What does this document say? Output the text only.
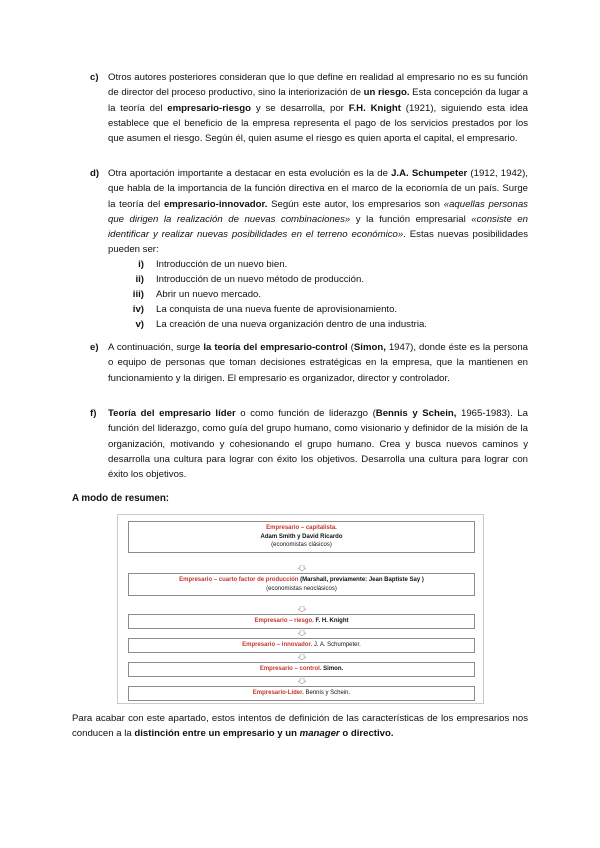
c) Otros autores posteriores consideran que lo que define en realidad al empresario no es su función de director del proceso productivo, sino la interiorización de un riesgo. Esta concepción da lugar a la teoría del empresario-riesgo y se desarrolla, por F.H. Knight (1921), siguiendo esta idea establece que el beneficio de la empresa representa el pago de los servicios prestados por los que asumen el riesgo. Según él, quien asume el riesgo es quien aporta el capital, el empresario.
d) Otra aportación importante a destacar en esta evolución es la de J.A. Schumpeter (1912, 1942), que habla de la importancia de la función directiva en el marco de la economía de un país. Surge la teoría del empresario-innovador. Según este autor, los empresarios son «aquellas personas que dirigen la realización de nuevas combinaciones» y la función empresarial «consiste en identificar y realizar nuevas posibilidades en el terreno económico». Estas nuevas posibilidades pueden ser:
i) Introducción de un nuevo bien.
ii) Introducción de un nuevo método de producción.
iii) Abrir un nuevo mercado.
iv) La conquista de una nueva fuente de aprovisionamiento.
v) La creación de una nueva organización dentro de una industria.
e) A continuación, surge la teoría del empresario-control (Simon, 1947), donde éste es la persona o equipo de personas que toman decisiones estratégicas en la empresa, que la mantienen en funcionamiento y la dirigen. El empresario es organizador, director y controlador.
f) Teoría del empresario líder o como función de liderazgo (Bennis y Schein, 1965-1983). La función del liderazgo, como guía del grupo humano, como visionario y definidor de la misión de la organización, motivando y cohesionando el grupo humano. Crea y busca nuevos caminos y desarrolla una cultura para lograr con éxito los objetivos. Desarrolla una cultura para lograr con éxito los objetivos.
A modo de resumen:
Empresario – capitalista.
Adam Smith y David Ricardo
(economistas clásicos)
Empresario – cuarto factor de producción (Marshall, previamente: Jean Baptiste Say )
(economistas neoclásicos)
Empresario – riesgo. F. H. Knight
Empresario – innovador. J. A. Schumpeter.
Empresario – control. Simon.
Empresario-Líder. Bennis y Schein.
Para acabar con este apartado, estos intentos de definición de las características de los empresarios nos conducen a la distinción entre un empresario y un manager o directivo.
